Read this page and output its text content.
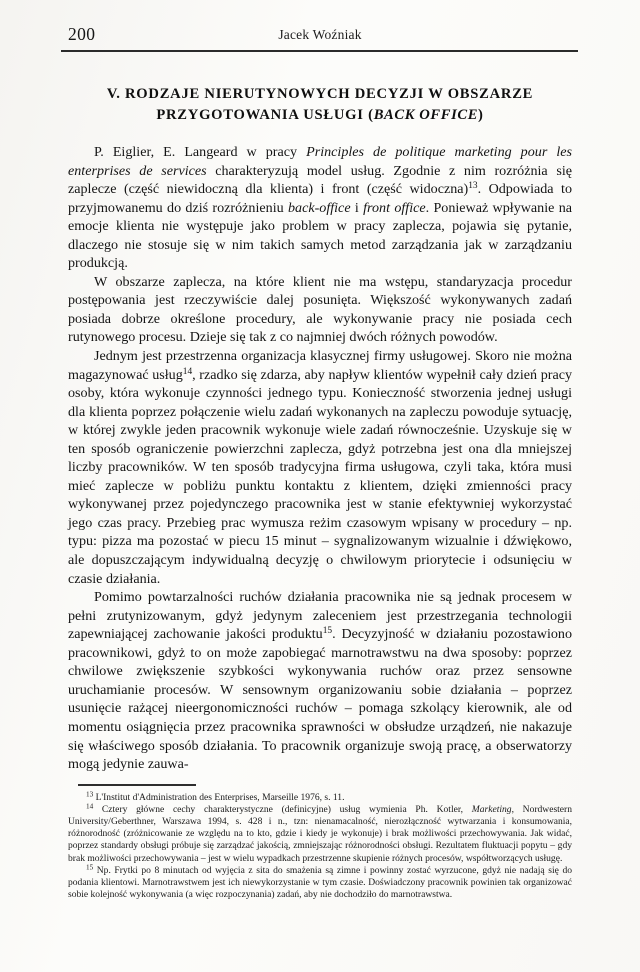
200	Jacek Woźniak
V. RODZAJE NIERUTYNOWYCH DECYZJI W OBSZARZE
PRZYGOTOWANIA USŁUGI (BACK OFFICE)

P. Eiglier, E. Langeard w pracy Principles de politique marketing pour les enterprises de services charakteryzują model usług. Zgodnie z nim rozróżnia się zaplecze (część niewidoczną dla klienta) i front (część widoczna)$^{13}$. Odpowiada to przyjmowanemu do dziś rozróżnieniu back-office i front office. Ponieważ wpływanie na emocje klienta nie występuje jako problem w pracy zaplecza, pojawia się pytanie, dlaczego nie stosuje się w nim takich samych metod zarządzania jak w zarządzaniu produkcją.

W obszarze zaplecza, na które klient nie ma wstępu, standaryzacja procedur postępowania jest rzeczywiście dalej posunięta. Większość wykonywanych zadań posiada dobrze określone procedury, ale wykonywanie pracy nie posiada cech rutynowego procesu. Dzieje się tak z co najmniej dwóch różnych powodów.

Jednym jest przestrzenna organizacja klasycznej firmy usługowej. Skoro nie można magazynować usług$^{14}$, rzadko się zdarza, aby napływ klientów wypełnił cały dzień pracy osoby, która wykonuje czynności jednego typu. Konieczność stworzenia jednej usługi dla klienta poprzez połączenie wielu zadań wykonanych na zapleczu powoduje sytuację, w której zwykle jeden pracownik wykonuje wiele zadań równocześnie. Uzyskuje się w ten sposób ograniczenie powierzchni zaplecza, gdyż potrzebna jest ona dla mniejszej liczby pracowników. W ten sposób tradycyjna firma usługowa, czyli taka, która musi mieć zaplecze w pobliżu punktu kontaktu z klientem, dzięki zmienności pracy wykonywanej przez pojedynczego pracownika jest w stanie efektywniej wykorzystać jego czas pracy. Przebieg prac wymusza reżim czasowym wpisany w procedury – np. typu: pizza ma pozostać w piecu 15 minut – sygnalizowanym wizualnie i dźwiękowo, ale dopuszczającym indywidualną decyzję o chwilowym priorytecie i odsunięciu w czasie działania.

Pomimo powtarzalności ruchów działania pracownika nie są jednak procesem w pełni zrutynizowanym, gdyż jedynym zaleceniem jest przestrzegania technologii zapewniającej zachowanie jakości produktu$^{15}$. Decyzyjność w działaniu pozostawiono pracownikowi, gdyż to on może zapobiegać marnotrawstwu na dwa sposoby: poprzez chwilowe zwiększenie szybkości wykonywania ruchów oraz przez sensowne uruchamianie procesów. W sensownym organizowaniu sobie działania – poprzez usunięcie rażącej nieergonomiczności ruchów – pomaga szkolący kierownik, ale od momentu osiągnięcia przez pracownika sprawności w obsłudze urządzeń, nie nakazuje się właściwego sposób działania. To pracownik organizuje swoją pracę, a obserwatorzy mogą jedynie zauwa-

$^{13}$ L'Institut d'Administration des Enterprises, Marseille 1976, s. 11.

$^{14}$ Cztery główne cechy charakterystyczne (definicyjne) usług wymienia Ph. Kotler, Marketing, Nordwestern University/Geberthner, Warszawa 1994, s. 428 i n., tzn: nienamacalność, nierozłączność wytwarzania i konsumowania, różnorodność (zróżnicowanie ze względu na to kto, gdzie i kiedy je wykonuje) i brak możliwości przechowywania. Jak widać, poprzez standardy obsługi próbuje się zarządzać jakością, zmniejszając różnorodności obsługi. Rezultatem fluktuacji popytu – gdy brak możliwości przechowywania – jest w wielu wypadkach przestrzenne skupienie różnych procesów, współtworzących usługę.

$^{15}$ Np. Frytki po 8 minutach od wyjęcia z sita do smażenia są zimne i powinny zostać wyrzucone, gdyż nie nadają się do podania klientowi. Marnotrawstwem jest ich niewykorzystanie w tym czasie. Doświadczony pracownik powinien tak organizować sobie kolejność wykonywania (a więc rozpoczynania) zadań, aby nie dochodziło do marnotrawstwa.
